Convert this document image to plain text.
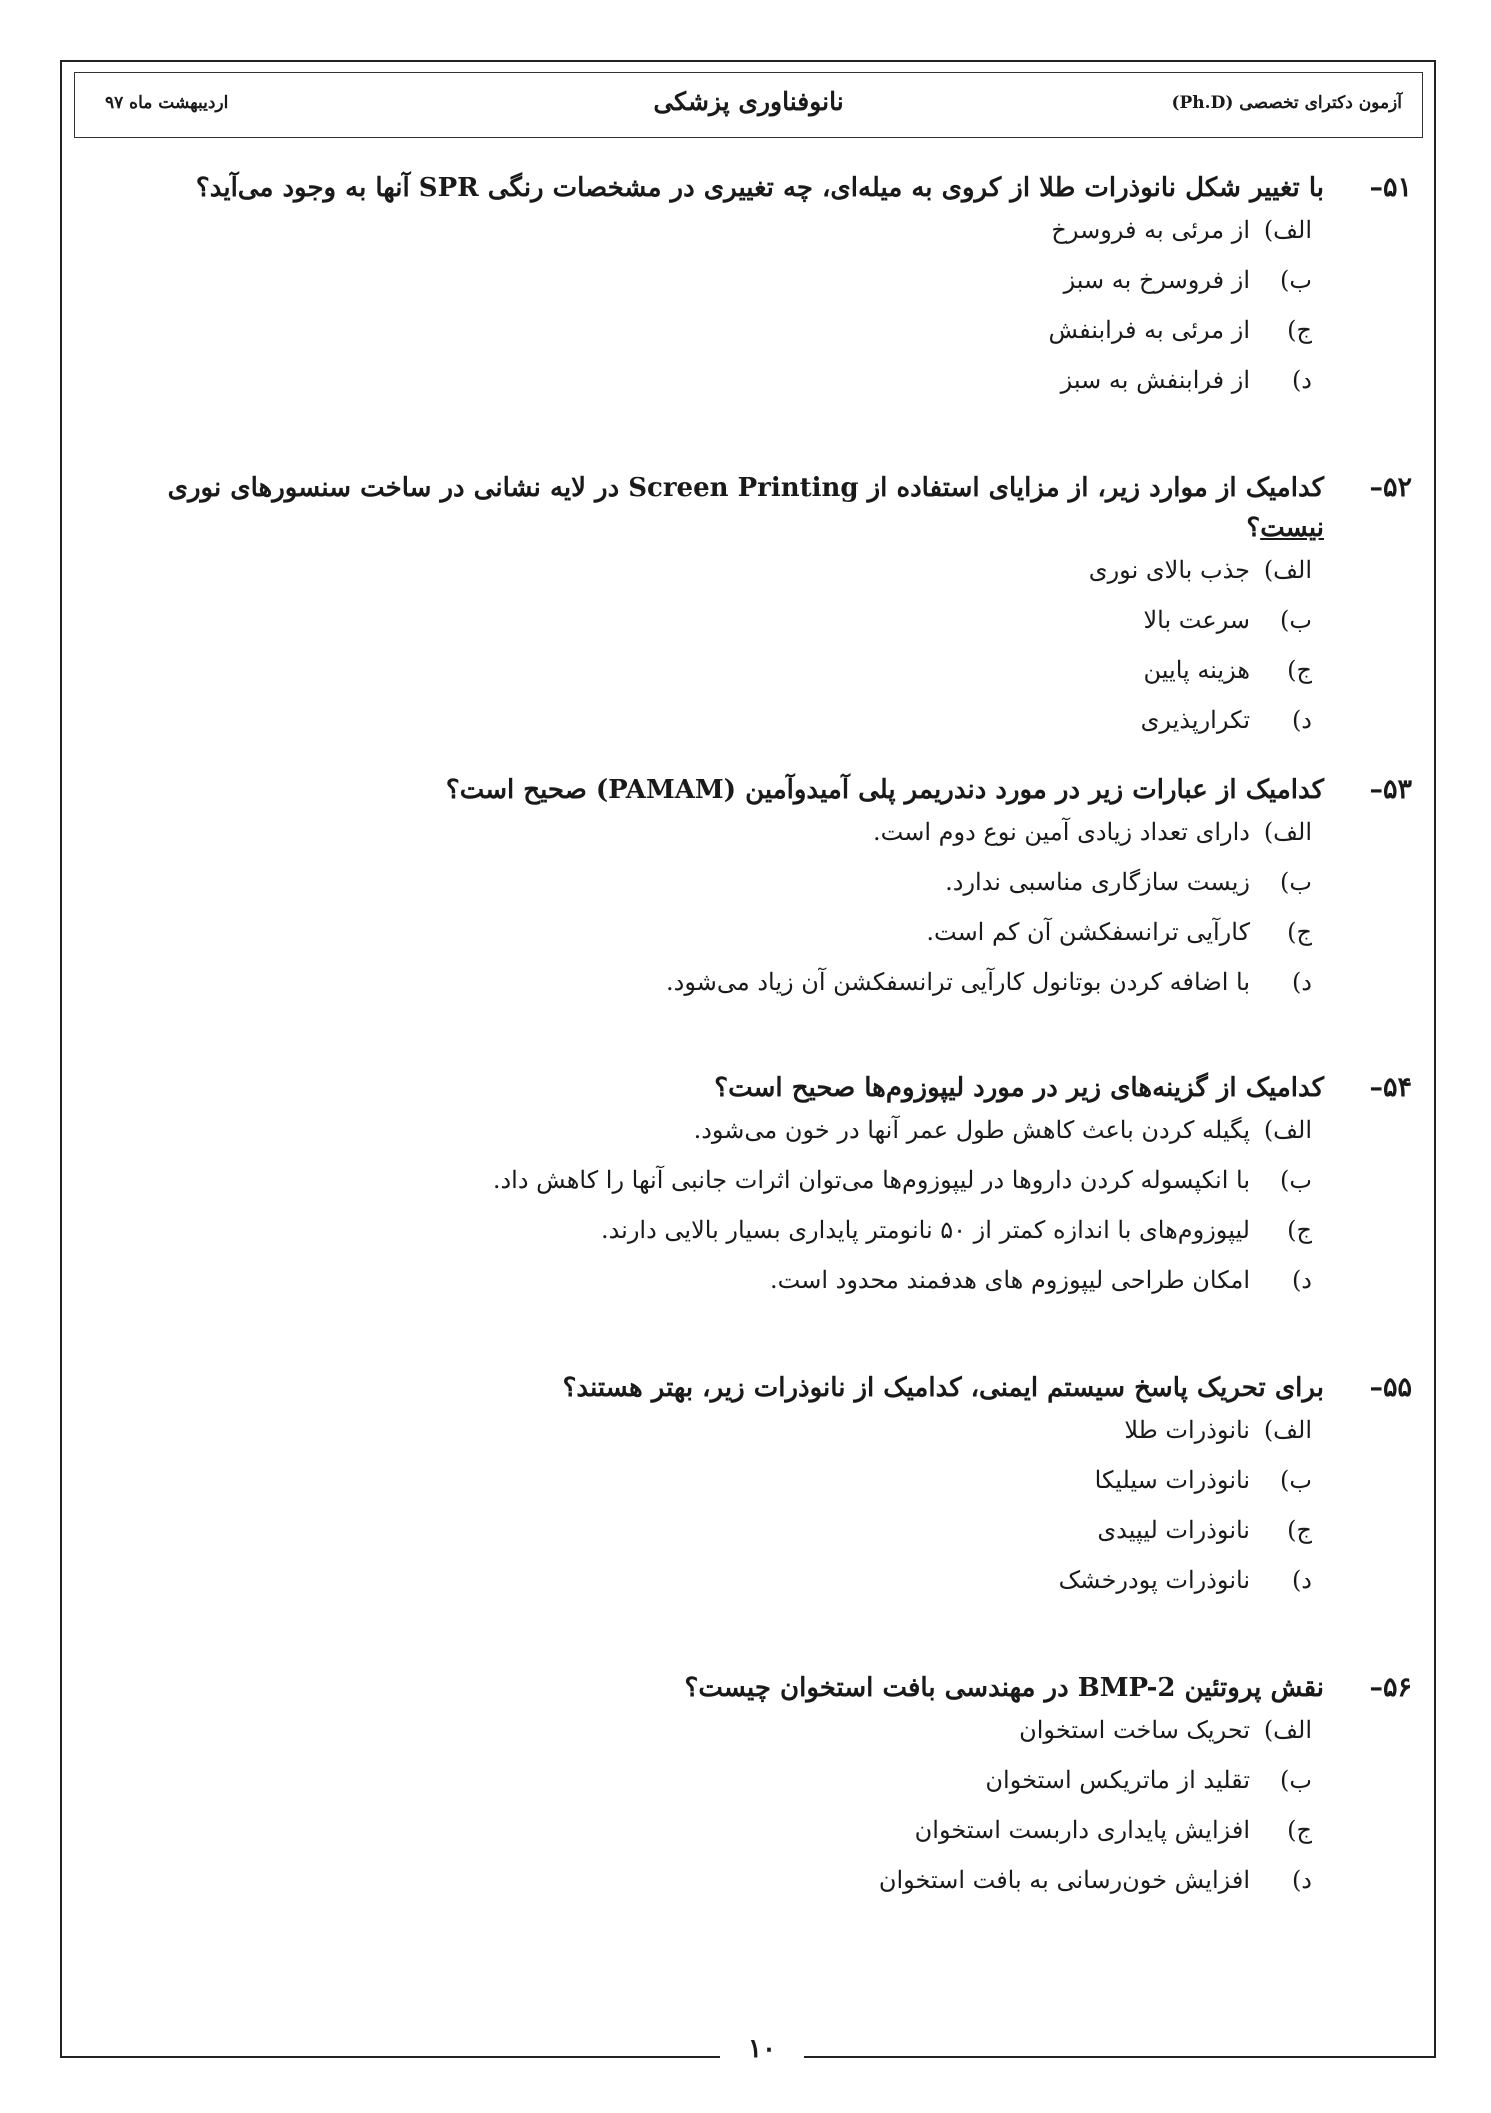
۱۰
آزمون دکترای تخصصی (Ph.D)
نانوفناوری پزشکی
اردیبهشت ماه ۹۷
۵۱–
با تغییر شکل نانوذرات طلا از کروی به میله‌ای، چه تغییری در مشخصات رنگی SPR آنها به وجود می‌آید؟
الف)
از مرئی به فروسرخ
ب)
از فروسرخ به سبز
ج)
از مرئی به فرابنفش
د)
از فرابنفش به سبز
۵۲–
کدامیک از موارد زیر، از مزایای استفاده از Screen Printing در لایه نشانی در ساخت سنسورهای نوری نیست؟
الف)
جذب بالای نوری
ب)
سرعت بالا
ج)
هزینه پایین
د)
تکرارپذیری
۵۳–
کدامیک از عبارات زیر در مورد دندریمر پلی آمیدوآمین (PAMAM) صحیح است؟
الف)
دارای تعداد زیادی آمین نوع دوم است.
ب)
زیست سازگاری مناسبی ندارد.
ج)
کارآیی ترانسفکشن آن کم است.
د)
با اضافه کردن بوتانول کارآیی ترانسفکشن آن زیاد می‌شود.
۵۴–
کدامیک از گزینه‌های زیر در مورد لیپوزوم‌ها صحیح است؟
الف)
پگیله کردن باعث کاهش طول عمر آنها در خون می‌شود.
ب)
با انکپسوله کردن داروها در لیپوزوم‌ها می‌توان اثرات جانبی آنها را کاهش داد.
ج)
لیپوزوم‌های با اندازه کمتر از ۵۰ نانومتر پایداری بسیار بالایی دارند.
د)
امکان طراحی لیپوزوم های هدفمند محدود است.
۵۵–
برای تحریک پاسخ سیستم ایمنی، کدامیک از نانوذرات زیر، بهتر هستند؟
الف)
نانوذرات طلا
ب)
نانوذرات سیلیکا
ج)
نانوذرات لیپیدی
د)
نانوذرات پودرخشک
۵۶–
نقش پروتئین BMP-2 در مهندسی بافت استخوان چیست؟
الف)
تحریک ساخت استخوان
ب)
تقلید از ماتریکس استخوان
ج)
افزایش پایداری داربست استخوان
د)
افزایش خون‌رسانی به بافت استخوان
